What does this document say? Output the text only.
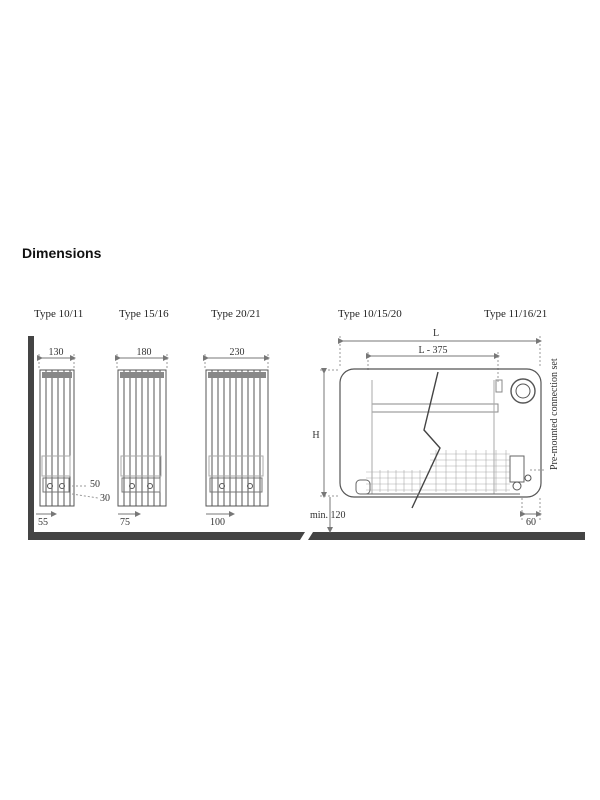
Dimensions
Type 10/11	Type 15/16	Type 20/21	Type 10/15/20	Type 11/16/21
130
50
30
55
180
75
230
100
L
L - 375
H	Pre-mounted connection set
min. 120
60
